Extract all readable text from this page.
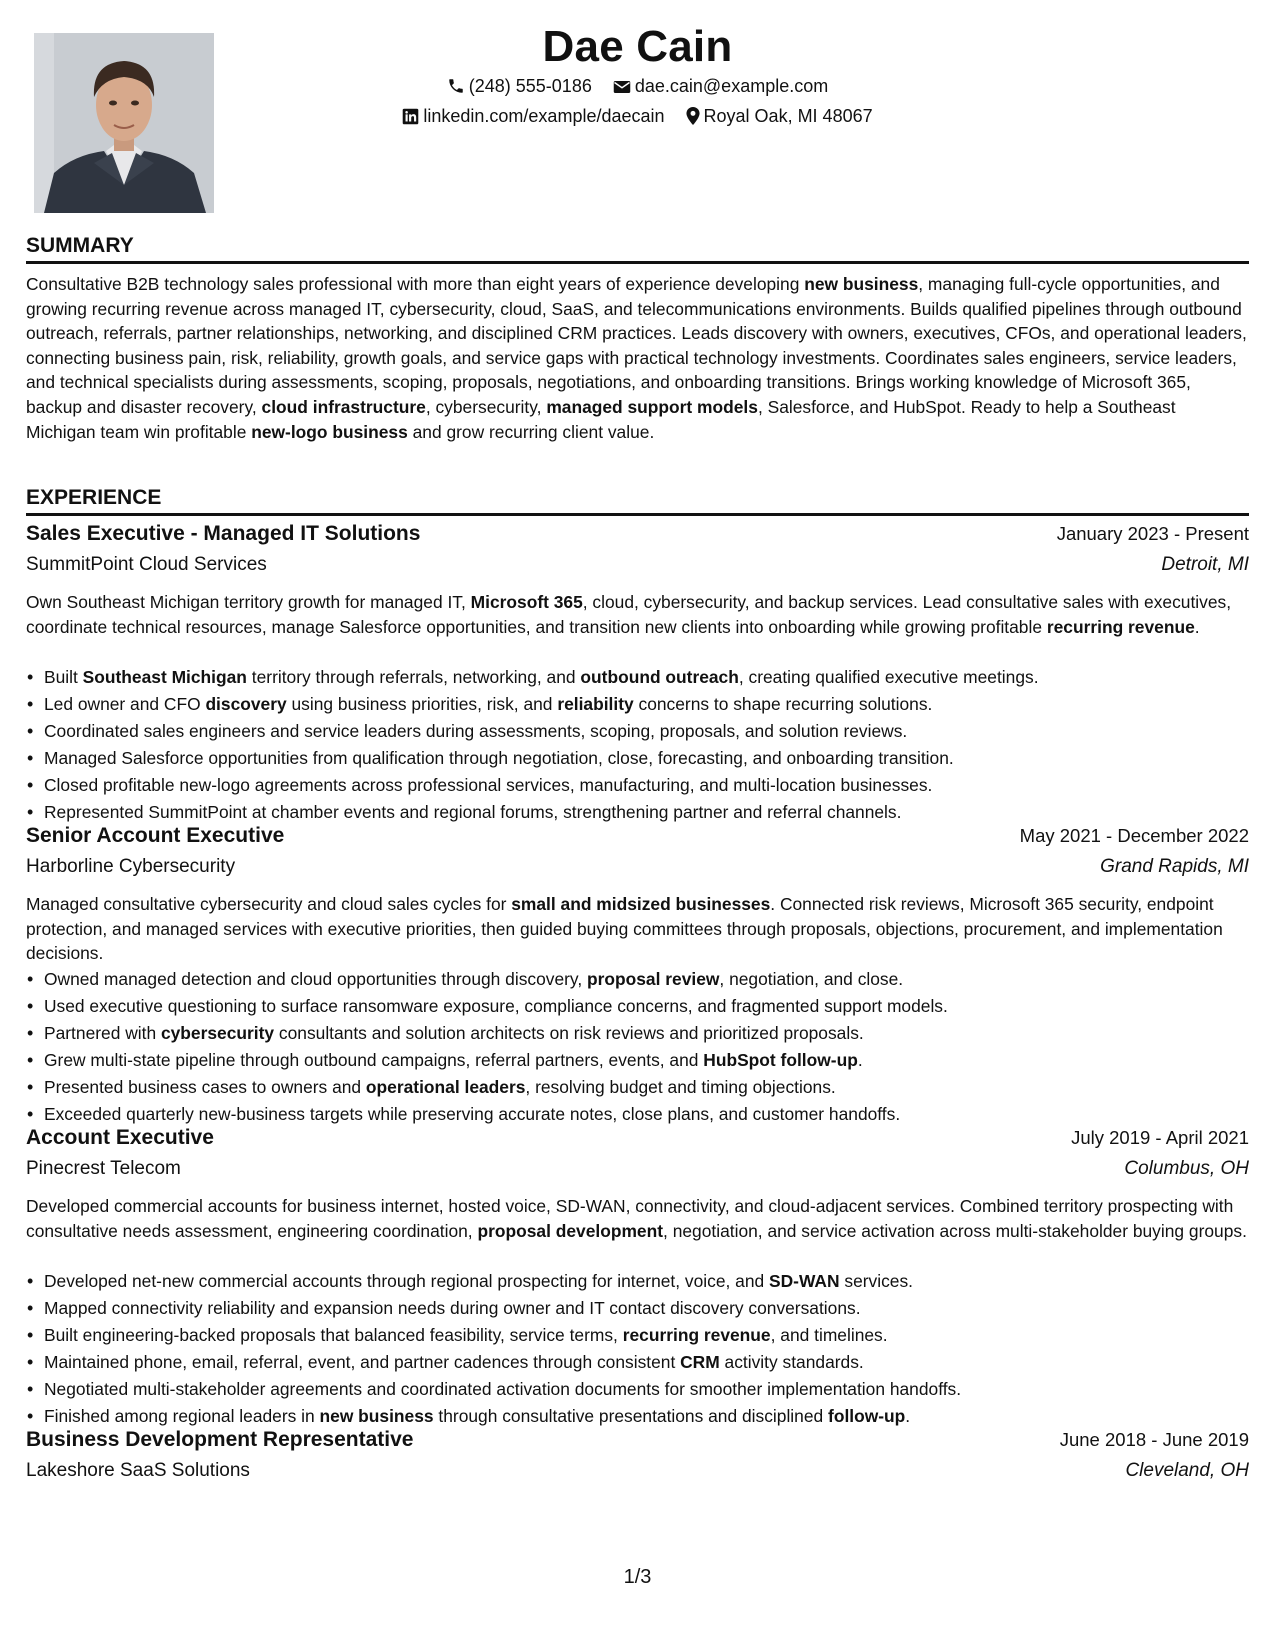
Dae Cain
(248) 555-0186 dae.cain@example.com
linkedin.com/example/daecain Royal Oak, MI 48067
SUMMARY
Consultative B2B technology sales professional with more than eight years of experience developing new business, managing full-cycle opportunities, and growing recurring revenue across managed IT, cybersecurity, cloud, SaaS, and telecommunications environments. Builds qualified pipelines through outbound outreach, referrals, partner relationships, networking, and disciplined CRM practices. Leads discovery with owners, executives, CFOs, and operational leaders, connecting business pain, risk, reliability, growth goals, and service gaps with practical technology investments. Coordinates sales engineers, service leaders, and technical specialists during assessments, scoping, proposals, negotiations, and onboarding transitions. Brings working knowledge of Microsoft 365, backup and disaster recovery, cloud infrastructure, cybersecurity, managed support models, Salesforce, and HubSpot. Ready to help a Southeast Michigan team win profitable new-logo business and grow recurring client value.
EXPERIENCE
Sales Executive - Managed IT Solutions	January 2023 - Present
SummitPoint Cloud Services	Detroit, MI
Own Southeast Michigan territory growth for managed IT, Microsoft 365, cloud, cybersecurity, and backup services. Lead consultative sales with executives, coordinate technical resources, manage Salesforce opportunities, and transition new clients into onboarding while growing profitable recurring revenue.
• Built Southeast Michigan territory through referrals, networking, and outbound outreach, creating qualified executive meetings.
• Led owner and CFO discovery using business priorities, risk, and reliability concerns to shape recurring solutions.
• Coordinated sales engineers and service leaders during assessments, scoping, proposals, and solution reviews.
• Managed Salesforce opportunities from qualification through negotiation, close, forecasting, and onboarding transition.
• Closed profitable new-logo agreements across professional services, manufacturing, and multi-location businesses.
• Represented SummitPoint at chamber events and regional forums, strengthening partner and referral channels.
Senior Account Executive	May 2021 - December 2022
Harborline Cybersecurity	Grand Rapids, MI
Managed consultative cybersecurity and cloud sales cycles for small and midsized businesses. Connected risk reviews, Microsoft 365 security, endpoint protection, and managed services with executive priorities, then guided buying committees through proposals, objections, procurement, and implementation decisions.
• Owned managed detection and cloud opportunities through discovery, proposal review, negotiation, and close.
• Used executive questioning to surface ransomware exposure, compliance concerns, and fragmented support models.
• Partnered with cybersecurity consultants and solution architects on risk reviews and prioritized proposals.
• Grew multi-state pipeline through outbound campaigns, referral partners, events, and HubSpot follow-up.
• Presented business cases to owners and operational leaders, resolving budget and timing objections.
• Exceeded quarterly new-business targets while preserving accurate notes, close plans, and customer handoffs.
Account Executive	July 2019 - April 2021
Pinecrest Telecom	Columbus, OH
Developed commercial accounts for business internet, hosted voice, SD-WAN, connectivity, and cloud-adjacent services. Combined territory prospecting with consultative needs assessment, engineering coordination, proposal development, negotiation, and service activation across multi-stakeholder buying groups.
• Developed net-new commercial accounts through regional prospecting for internet, voice, and SD-WAN services.
• Mapped connectivity reliability and expansion needs during owner and IT contact discovery conversations.
• Built engineering-backed proposals that balanced feasibility, service terms, recurring revenue, and timelines.
• Maintained phone, email, referral, event, and partner cadences through consistent CRM activity standards.
• Negotiated multi-stakeholder agreements and coordinated activation documents for smoother implementation handoffs.
• Finished among regional leaders in new business through consultative presentations and disciplined follow-up.
Business Development Representative	June 2018 - June 2019
Lakeshore SaaS Solutions	Cleveland, OH
1/3
